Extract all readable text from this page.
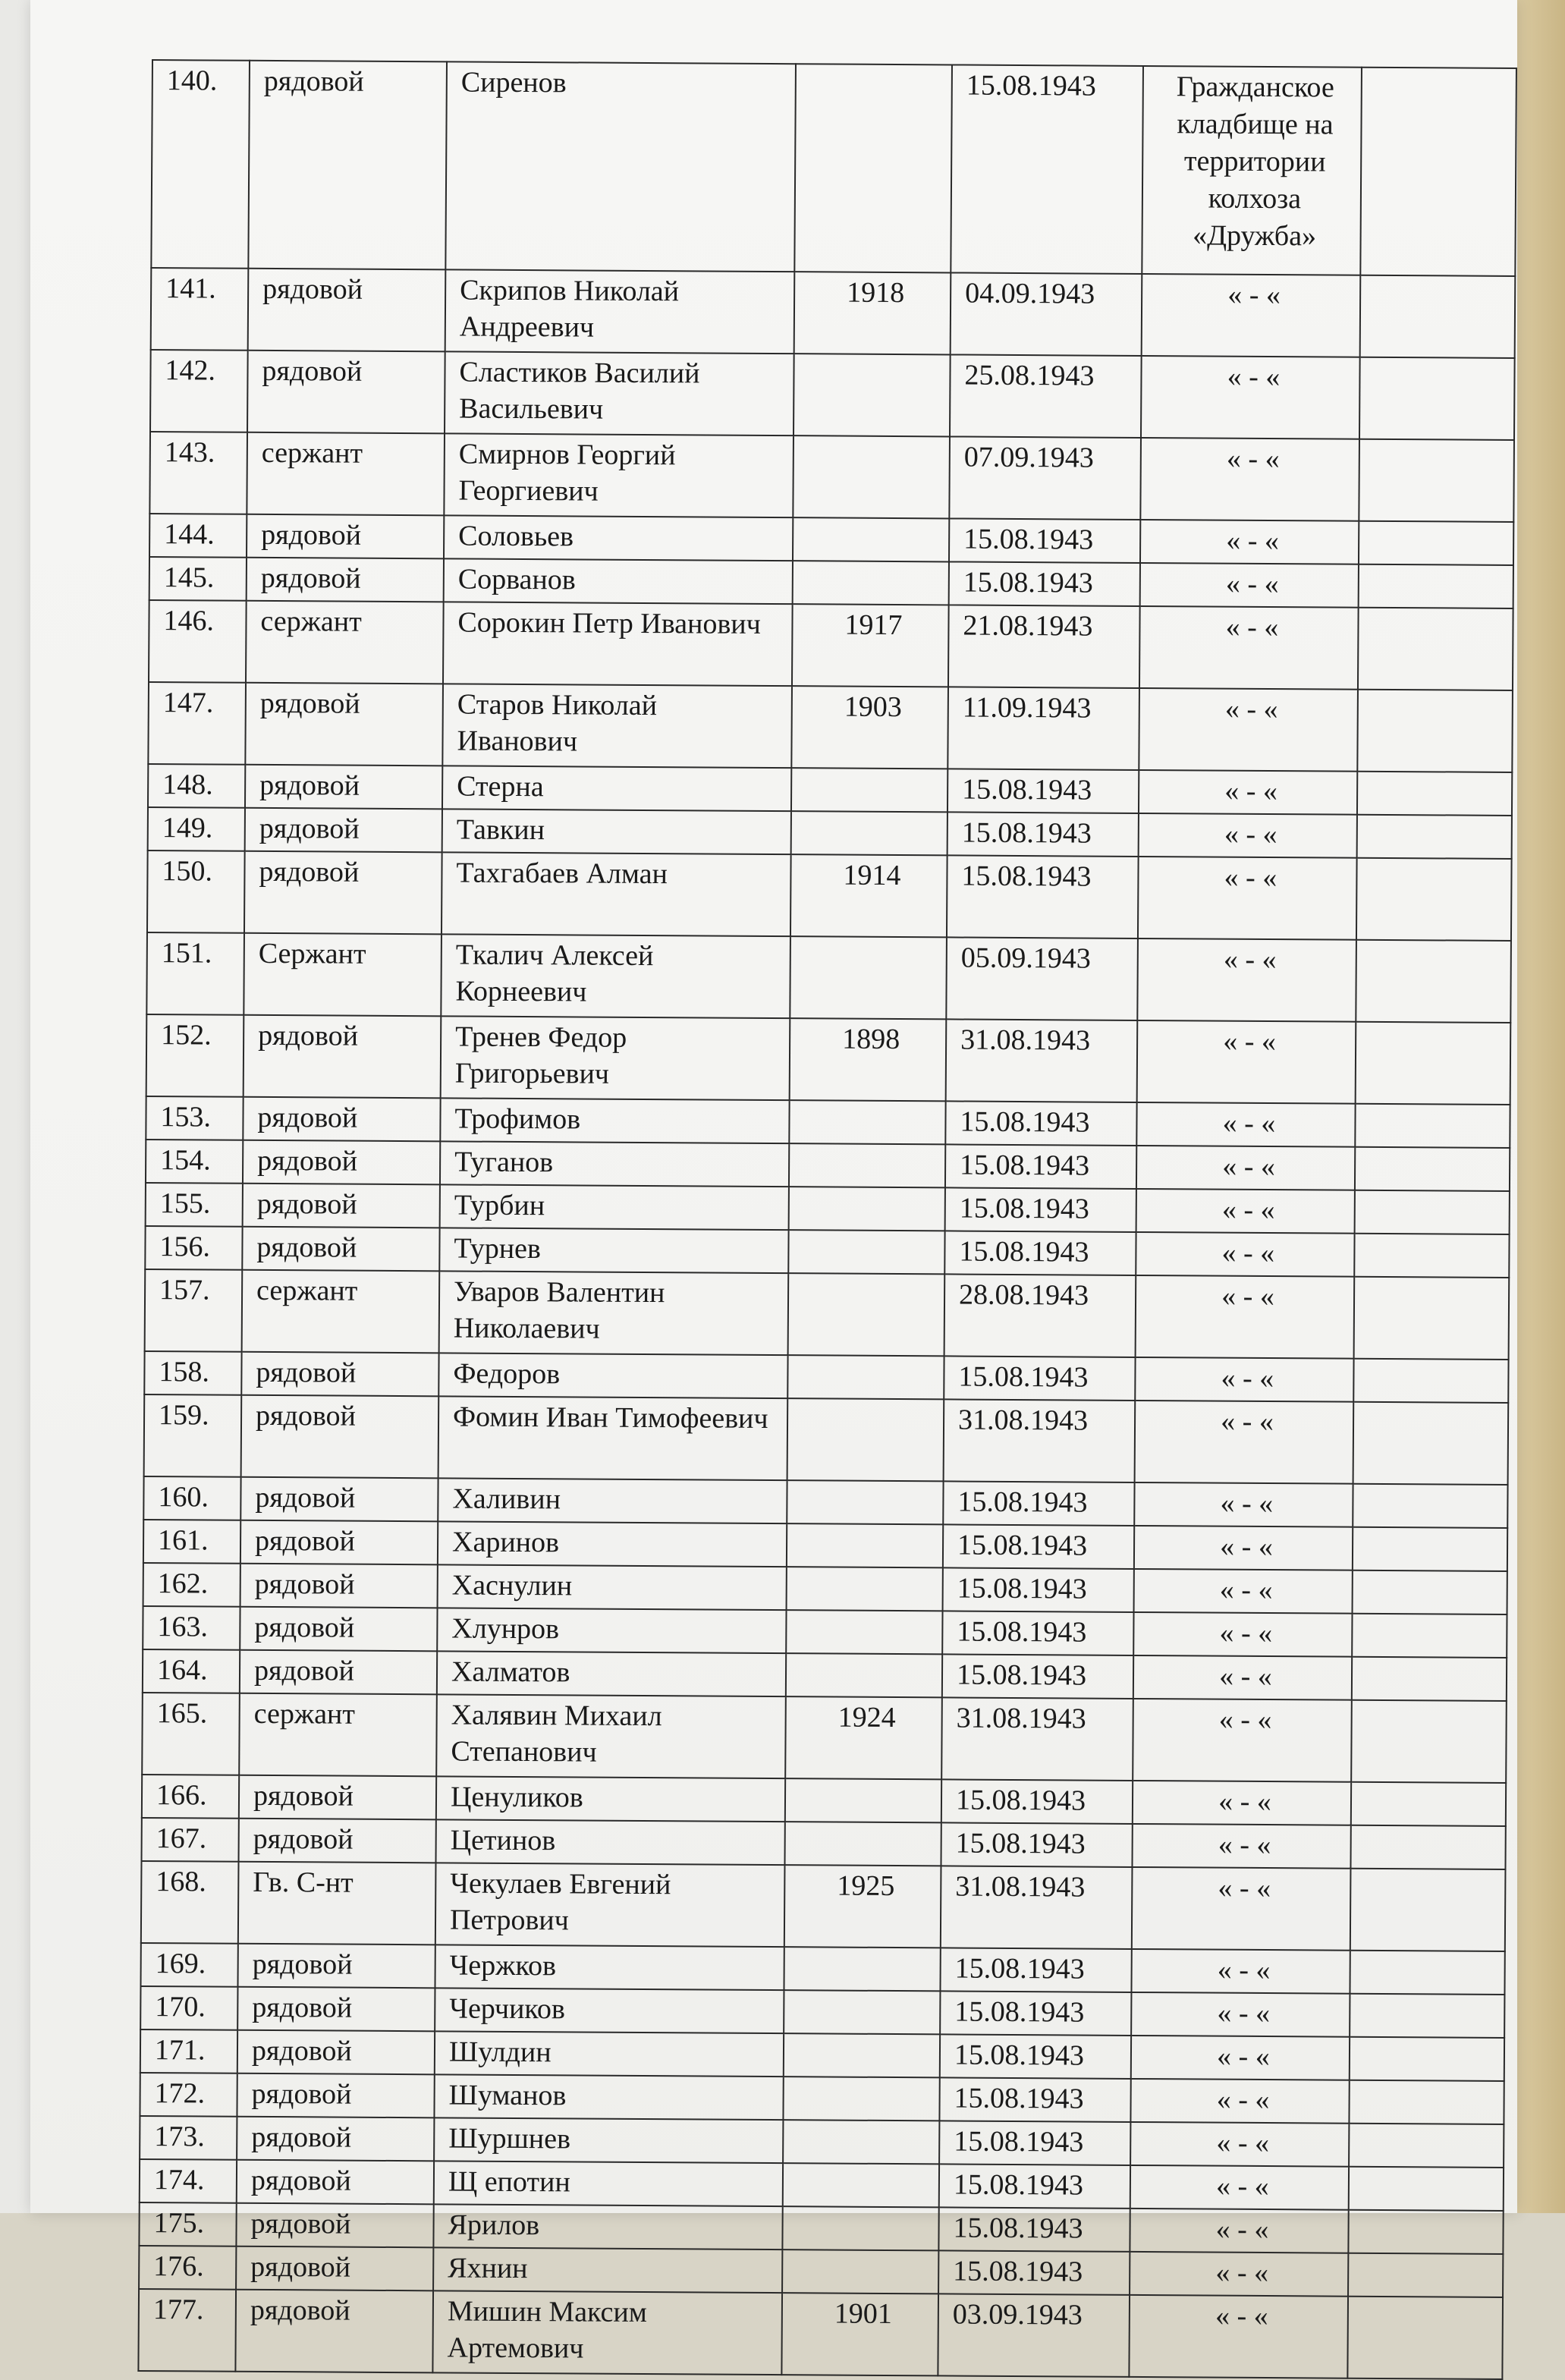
140.	рядовой	Сиренов		15.08.1943	Гражданское кладбище на территории колхоза «Дружба»	
141.	рядовой	Скрипов Николай Андреевич	1918	04.09.1943	« - «	
142.	рядовой	Сластиков Василий Васильевич		25.08.1943	« - «	
143.	сержант	Смирнов Георгий Георгиевич		07.09.1943	« - «	
144.	рядовой	Соловьев		15.08.1943	« - «	
145.	рядовой	Сорванов		15.08.1943	« - «	
146.	сержант	Сорокин Петр Иванович	1917	21.08.1943	« - «	
147.	рядовой	Старов Николай Иванович	1903	11.09.1943	« - «	
148.	рядовой	Стерна		15.08.1943	« - «	
149.	рядовой	Тавкин		15.08.1943	« - «	
150.	рядовой	Тахгабаев Алман	1914	15.08.1943	« - «	
151.	Сержант	Ткалич Алексей Корнеевич		05.09.1943	« - «	
152.	рядовой	Тренев Федор Григорьевич	1898	31.08.1943	« - «	
153.	рядовой	Трофимов		15.08.1943	« - «	
154.	рядовой	Туганов		15.08.1943	« - «	
155.	рядовой	Турбин		15.08.1943	« - «	
156.	рядовой	Турнев		15.08.1943	« - «	
157.	сержант	Уваров Валентин Николаевич		28.08.1943	« - «	
158.	рядовой	Федоров		15.08.1943	« - «	
159.	рядовой	Фомин Иван Тимофеевич		31.08.1943	« - «	
160.	рядовой	Халивин		15.08.1943	« - «	
161.	рядовой	Харинов		15.08.1943	« - «	
162.	рядовой	Хаснулин		15.08.1943	« - «	
163.	рядовой	Хлунров		15.08.1943	« - «	
164.	рядовой	Халматов		15.08.1943	« - «	
165.	сержант	Халявин Михаил Степанович	1924	31.08.1943	« - «	
166.	рядовой	Ценуликов		15.08.1943	« - «	
167.	рядовой	Цетинов		15.08.1943	« - «	
168.	Гв. С-нт	Чекулаев Евгений Петрович	1925	31.08.1943	« - «	
169.	рядовой	Чержков		15.08.1943	« - «	
170.	рядовой	Черчиков		15.08.1943	« - «	
171.	рядовой	Шулдин		15.08.1943	« - «	
172.	рядовой	Шуманов		15.08.1943	« - «	
173.	рядовой	Шуршнев		15.08.1943	« - «	
174.	рядовой	Щ епотин		15.08.1943	« - «	
175.	рядовой	Ярилов		15.08.1943	« - «	
176.	рядовой	Яхнин		15.08.1943	« - «	
177.	рядовой	Мишин Максим Артемович	1901	03.09.1943	« - «	
